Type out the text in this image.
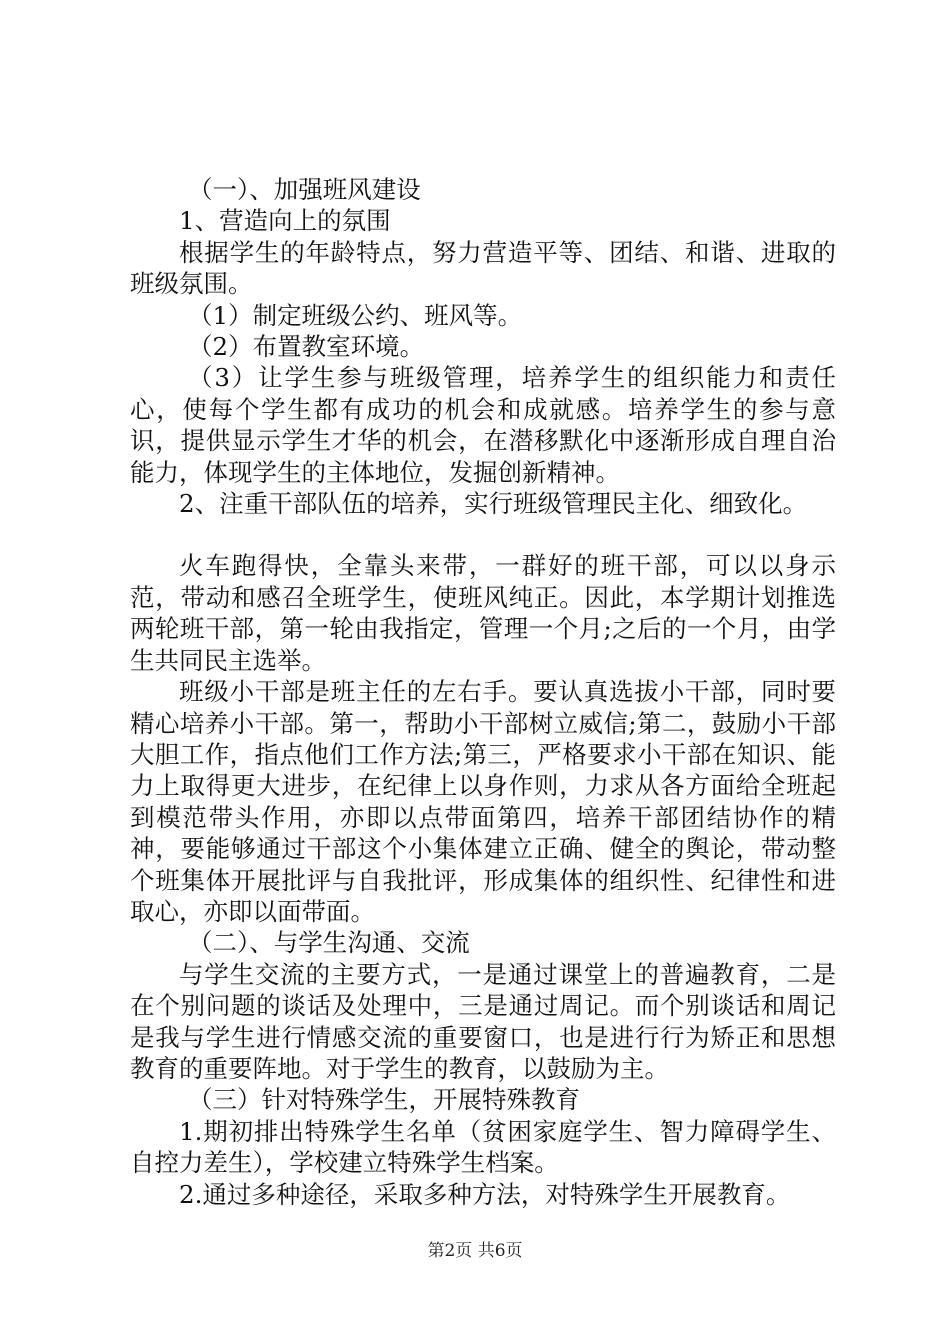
（一）、加强班风建设

1、营造向上的氛围

根据学生的年龄特点，努力营造平等、团结、和谐、进取的班级氛围。

（1）制定班级公约、班风等。

（2）布置教室环境。

（3）让学生参与班级管理，培养学生的组织能力和责任心，使每个学生都有成功的机会和成就感。培养学生的参与意识，提供显示学生才华的机会，在潜移默化中逐渐形成自理自治能力，体现学生的主体地位，发掘创新精神。

2、注重干部队伍的培养，实行班级管理民主化、细致化。

火车跑得快，全靠头来带，一群好的班干部，可以以身示范，带动和感召全班学生，使班风纯正。因此，本学期计划推选两轮班干部，第一轮由我指定，管理一个月;之后的一个月，由学生共同民主选举。

班级小干部是班主任的左右手。要认真选拔小干部，同时要精心培养小干部。第一，帮助小干部树立威信;第二，鼓励小干部大胆工作，指点他们工作方法;第三，严格要求小干部在知识、能力上取得更大进步，在纪律上以身作则，力求从各方面给全班起到模范带头作用，亦即以点带面第四，培养干部团结协作的精神，要能够通过干部这个小集体建立正确、健全的舆论，带动整个班集体开展批评与自我批评，形成集体的组织性、纪律性和进取心，亦即以面带面。

（二）、与学生沟通、交流

与学生交流的主要方式，一是通过课堂上的普遍教育，二是在个别问题的谈话及处理中，三是通过周记。而个别谈话和周记是我与学生进行情感交流的重要窗口，也是进行行为矫正和思想教育的重要阵地。对于学生的教育，以鼓励为主。

（三）针对特殊学生，开展特殊教育

1.期初排出特殊学生名单（贫困家庭学生、智力障碍学生、自控力差生），学校建立特殊学生档案。

2.通过多种途径，采取多种方法，对特殊学生开展教育。

第2页 共6页
